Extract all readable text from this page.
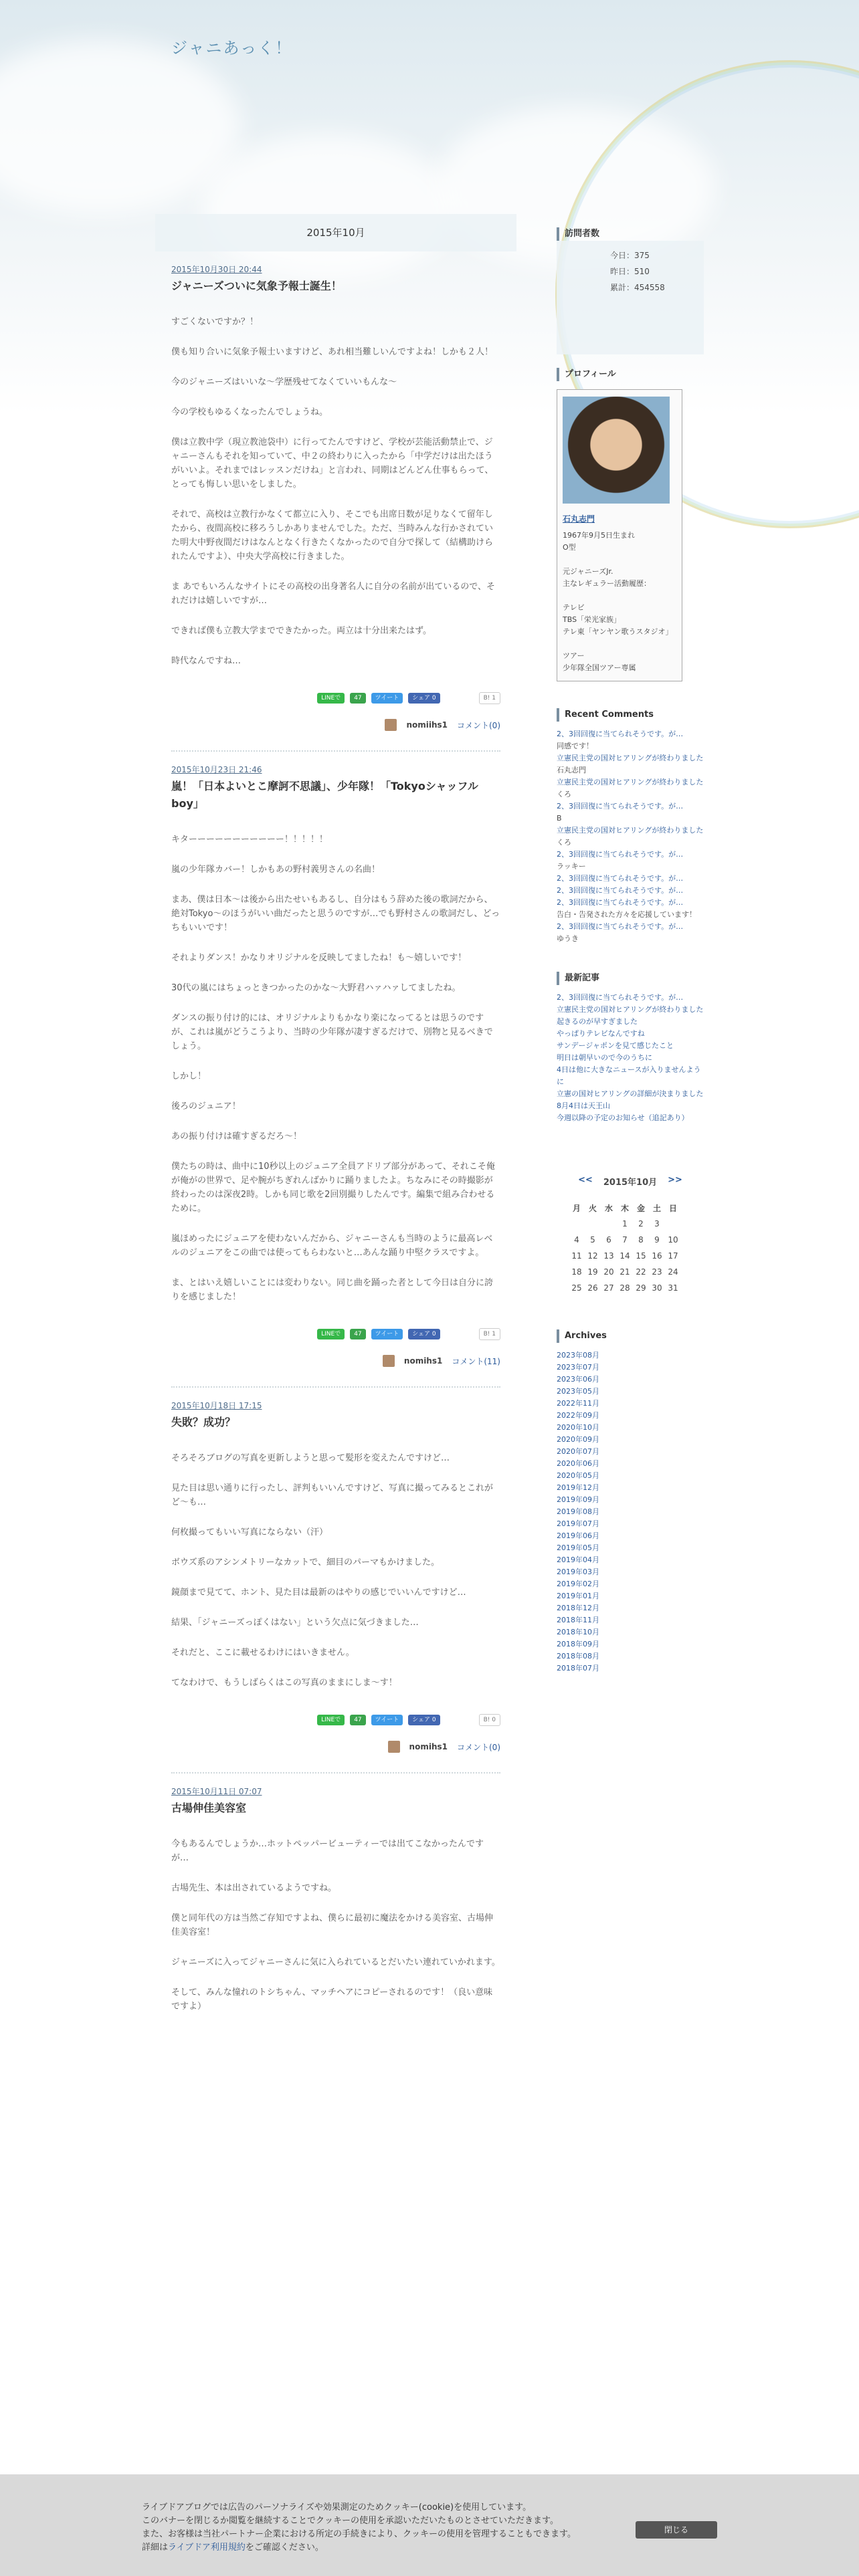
ジャニあっく！
2015年10月
2015年10月30日 20:44
ジャニーズついに気象予報士誕生！

すごくないですか？！

僕も知り合いに気象予報士いますけど、あれ相当難しいんですよね！しかも２人！

今のジャニーズはいいな〜学歴残せてなくていいもんな〜

今の学校もゆるくなったんでしょうね。

僕は立教中学（現立教池袋中）に行ってたんですけど、学校が芸能活動禁止で、ジャニーさんもそれを知っていて、中２の終わりに入ったから「中学だけは出たほうがいいよ。それまではレッスンだけね」と言われ、同期はどんどん仕事もらって、とっても悔しい思いをしました。

それで、高校は立教行かなくて都立に入り、そこでも出席日数が足りなくて留年したから、夜間高校に移ろうしかありませんでした。ただ、当時みんな行かされていた明大中野夜間だけはなんとなく行きたくなかったので自分で探して（結構助けられたんですよ）、中央大学高校に行きました。

ま あでもいろんなサイトにその高校の出身著名人に自分の名前が出ているので、それだけは嬉しいですが…

できれば僕も立教大学までできたかった。両立は十分出来たはず。

時代なんですね…

LINEで	47	ツイート	シェア 0	B! 1
nomiihs1 コメント(0)
2015年10月23日 21:46
嵐！「日本よいとこ摩訶不思議」、少年隊！「Tokyoシャッフルboy」

キターーーーーーーーーーー！！！！！

嵐の少年隊カバー！しかもあの野村義男さんの名曲！

まあ、僕は日本〜は後から出たせいもあるし、自分はもう辞めた後の歌詞だから、絶対Tokyo〜のほうがいい曲だったと思うのですが…でも野村さんの歌詞だし、どっちもいいです！

それよりダンス！かなりオリジナルを反映してましたね！も〜嬉しいです！

30代の嵐にはちょっときつかったのかな〜大野君ハァハァしてましたね。

ダンスの振り付け的には、オリジナルよりもかなり楽になってるとは思うのですが、これは嵐がどうこうより、当時の少年隊が凄すぎるだけで、別物と見るべきでしょう。

しかし！

後ろのジュニア！

あの振り付けは確すぎるだろ〜！

僕たちの時は、曲中に10秒以上のジュニア全員アドリブ部分があって、それこそ俺が俺がの世界で、足や腕がちぎれんばかりに踊りましたよ。ちなみにその時撮影が終わったのは深夜2時。しかも同じ歌を2回別撮りしたんです。編集で組み合わせるために。

嵐ほめったにジュニアを使わないんだから、ジャニーさんも当時のように最高レベルのジュニアをこの曲では使ってもらわないと…あんな踊り中堅クラスですよ。

ま、とはいえ嬉しいことには変わりない。同じ曲を踊った者として今日は自分に誇りを感じました！

LINEで	47	ツイート	シェア 0	B! 1
nomihs1 コメント(11)
2015年10月18日 17:15
失敗？成功？

そろそろブログの写真を更新しようと思って髪形を変えたんですけど…

見た目は思い通りに行ったし、評判もいいんですけど、写真に撮ってみるとこれがど〜も…

何枚撮ってもいい写真にならない（汗）

ボウズ系のアシンメトリーなカットで、細目のパーマもかけました。

鏡顔まで見てて、ホント、見た目は最新のはやりの感じでいいんですけど…

結果、「ジャニーズっぽくはない」という欠点に気づきました…

それだと、ここに載せるわけにはいきません。

てなわけで、もうしばらくはこの写真のままにしま〜す！

LINEで	47	ツイート	シェア 0	B! 0
nomihs1 コメント(0)
2015年10月11日 07:07
古場伸佳美容室

今もあるんでしょうか…ホットペッパービューティーでは出てこなかったんですが…

古場先生、本は出されているようですね。

僕と同年代の方は当然ご存知ですよね、僕らに最初に魔法をかける美容室、古場伸佳美容室！

ジャニーズに入ってジャニーさんに気に入られているとだいたい連れていかれます。

そして、みんな憧れのトシちゃん、マッチヘアにコピーされるのです！（良い意味ですよ）

訪問者数
今日：375
昨日：510
累計：454558
プロフィール
石丸志門
1967年9月5日生まれ
O型

元ジャニーズJr.
主なレギュラー活動履歴：

テレビ
TBS「栄光家族」
テレ東「ヤンヤン歌うスタジオ」

ツアー
少年隊全国ツアー専属
Recent Comments
2、3回回復に当てられそうです。が…
同感です！
立憲民主党の国対ヒアリングが終わりました
石丸志門
立憲民主党の国対ヒアリングが終わりました
くろ
2、3回回復に当てられそうです。が…
B
立憲民主党の国対ヒアリングが終わりました
くろ
2、3回回復に当てられそうです。が…
ラッキー
2、3回回復に当てられそうです。が…
2、3回回復に当てられそうです。が…
2、3回回復に当てられそうです。が…
告白・告発された方々を応援しています！
2、3回回復に当てられそうです。が…
ゆうき
最新記事
2、3回回復に当てられそうです。が…
立憲民主党の国対ヒアリングが終わりました
起きるのが早すぎました
やっぱりテレビなんですね
サンデージャポンを見て感じたこと
明日は朝早いので今のうちに
4日は他に大きなニュースが入りませんように
立憲の国対ヒアリングの詳細が決まりました
8月4日は天王山
今週以降の予定のお知らせ（追記あり）
<< 2015年10月 >>
月	火	水	木	金	土	日
			1	2	3	
4	5	6	7	8	9	10
11	12	13	14	15	16	17
18	19	20	21	22	23	24
25	26	27	28	29	30	31
Archives
2023年08月
2023年07月
2023年06月
2023年05月
2022年11月
2022年09月
2020年10月
2020年09月
2020年07月
2020年06月
2020年05月
2019年12月
2019年09月
2019年08月
2019年07月
2019年06月
2019年05月
2019年04月
2019年03月
2019年02月
2019年01月
2018年12月
2018年11月
2018年10月
2018年09月
2018年08月
2018年07月
ライブドアブログでは広告のパーソナライズや効果測定のためクッキー(cookie)を使用しています。
このバナーを閉じるか閲覧を継続することでクッキーの使用を承認いただいたものとさせていただきます。
また、お客様は当社パートナー企業における所定の手続きにより、クッキーの使用を管理することもできます。
詳細はライブドア利用規約をご確認ください。
閉じる
